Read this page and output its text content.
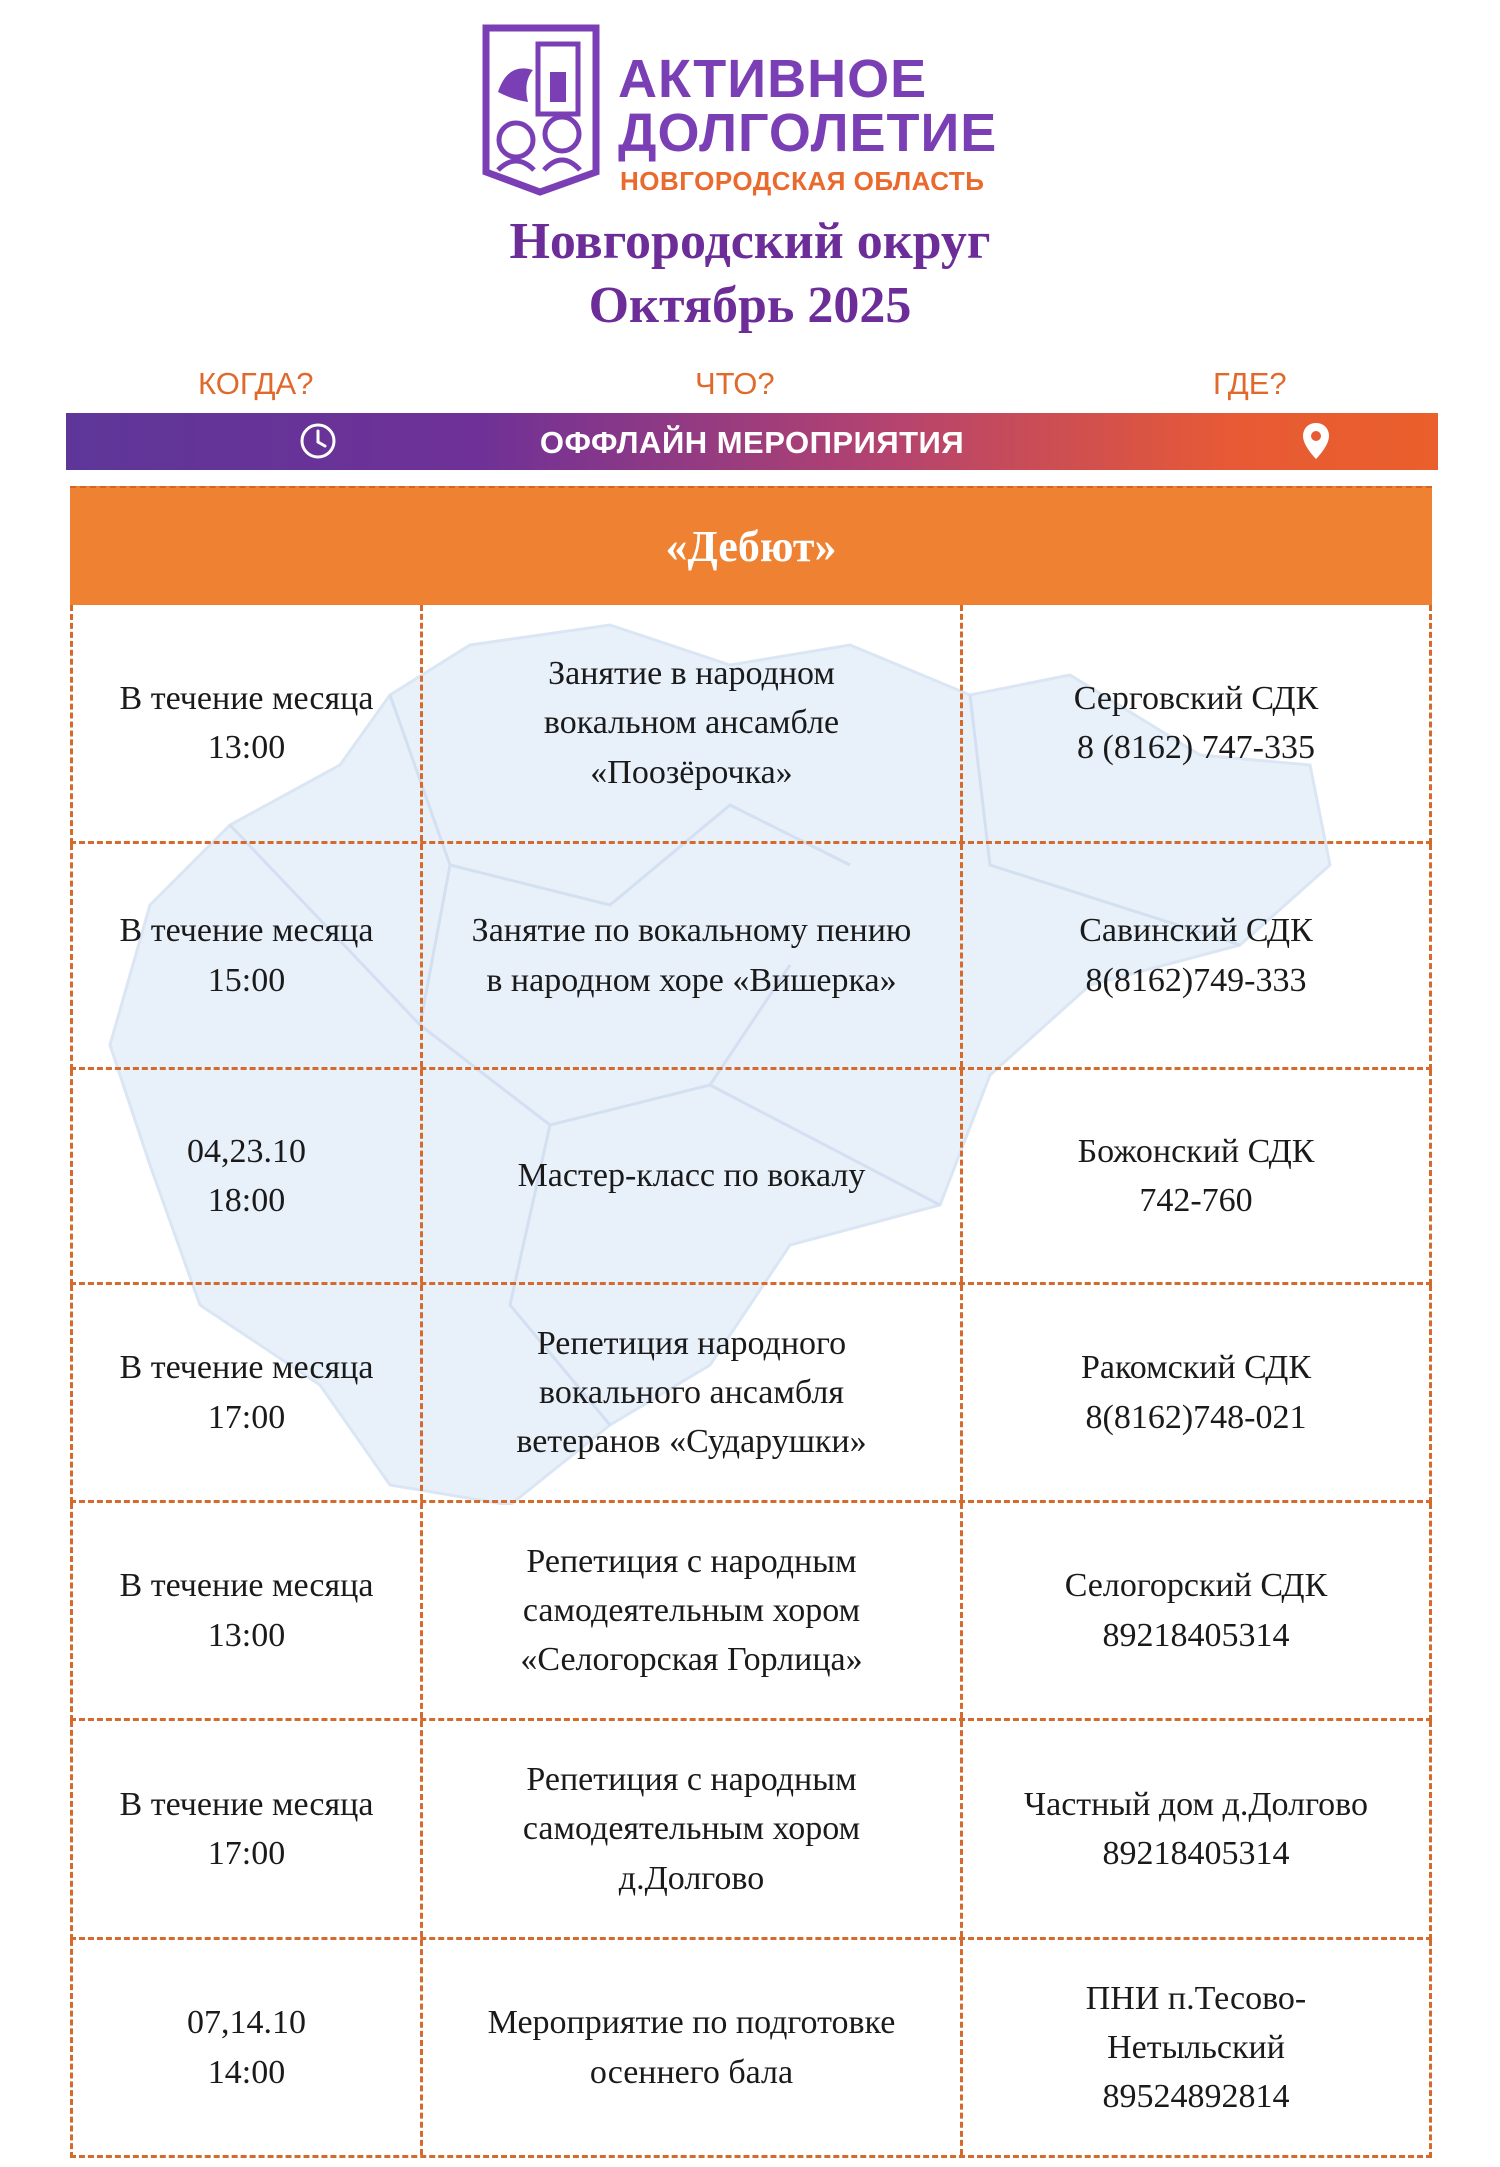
АКТИВНОЕ
ДОЛГОЛЕТИЕ
НОВГОРОДСКАЯ ОБЛАСТЬ
Новгородский округ
Октябрь 2025
КОГДА?	ЧТО?	ГДЕ?
ОФФЛАЙН МЕРОПРИЯТИЯ
«Дебют»
В течение месяца
13:00
Занятие в народном
вокальном ансамбле
«Поозёрочка»
Серговский СДК
8 (8162) 747-335
В течение месяца
15:00
Занятие по вокальному пению
в народном хоре «Вишерка»
Савинский СДК
8(8162)749-333
04,23.10
18:00
Мастер-класс по вокалу
Божонский СДК
742-760
В течение месяца
17:00
Репетиция народного
вокального ансамбля
ветеранов «Сударушки»
Ракомский СДК
8(8162)748-021
В течение месяца
13:00
Репетиция с народным
самодеятельным хором
«Селогорская Горлица»
Селогорский СДК
89218405314
В течение месяца
17:00
Репетиция с народным
самодеятельным хором
д.Долгово
Частный дом д.Долгово
89218405314
07,14.10
14:00
Мероприятие по подготовке
осеннего бала
ПНИ п.Тесово-
Нетыльский
89524892814
